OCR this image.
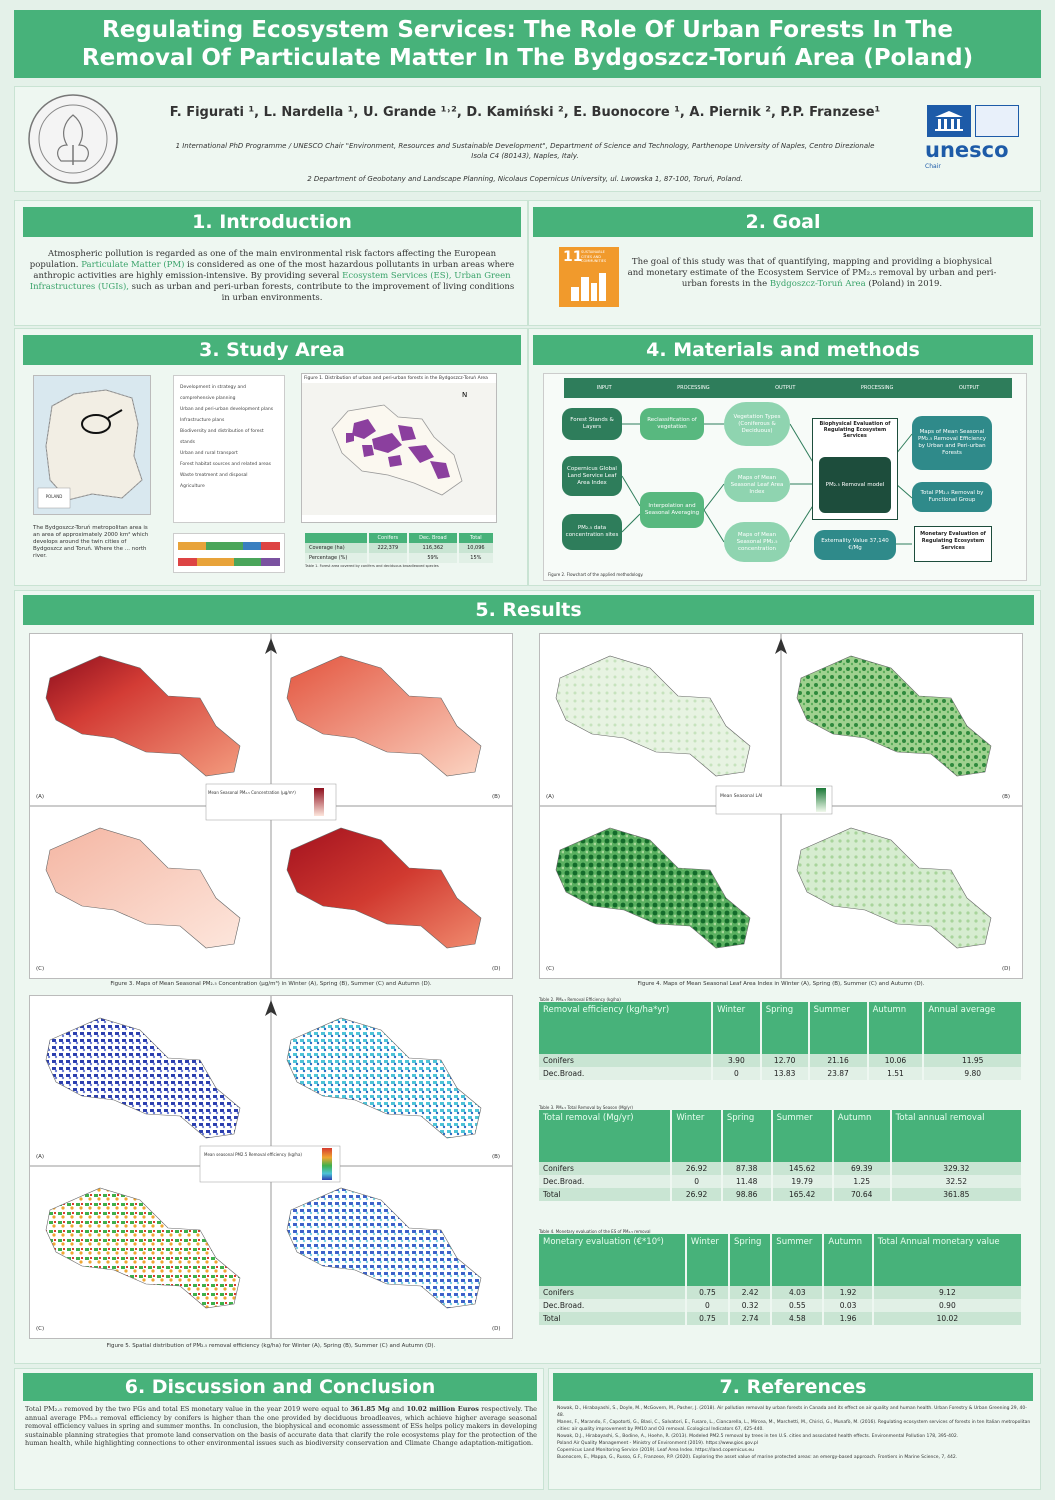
Regulating Ecosystem Services: The Role Of Urban Forests In The Removal Of Particulate Matter In The Bydgoszcz-Toruń Area (Poland)
F. Figurati ¹, L. Nardella ¹, U. Grande ¹˒², D. Kamiński ², E. Buonocore ¹, A. Piernik ², P.P. Franzese¹
1 International PhD Programme / UNESCO Chair "Environment, Resources and Sustainable Development", Department of Science and Technology, Parthenope University of Naples, Centro Direzionale Isola C4 (80143), Naples, Italy.
2 Department of Geobotany and Landscape Planning, Nicolaus Copernicus University, ul. Lwowska 1, 87-100, Toruń, Poland.
unesco
Chair
1. Introduction
Atmospheric pollution is regarded as one of the main environmental risk factors affecting the European population. Particulate Matter (PM) is considered as one of the most hazardous pollutants in urban areas where anthropic activities are highly emission-intensive. By providing several Ecosystem Services (ES), Urban Green Infrastructures (UGIs), such as urban and peri-urban forests, contribute to the improvement of living conditions in urban environments.
2. Goal
11
SUSTAINABLE CITIES AND COMMUNITIES	The goal of this study was that of quantifying, mapping and providing a biophysical and monetary estimate of the Ecosystem Service of PM₂.₅ removal by urban and peri-urban forests in the Bydgoszcz-Toruń Area (Poland) in 2019.
3. Study Area
POLAND
The Bydgoszcz-Toruń metropolitan area is an area of approximately 2000 km² which develops around the twin cities of Bydgoszcz and Toruń. Where the ... north river.
Development in strategy and comprehensive planning
Urban and peri-urban development plans
Infrastructure plans
Biodiversity and distribution of forest stands
Urban and rural transport
Forest habitat sources and related areas
Waste treatment and disposal
Agriculture
Figure 1. Distribution of urban and peri-urban forests in the Bydgoszcz-Toruń Area
N
	Conifers	Dec. Broad	Total
Coverage (ha)	222,379	116,362	10,096
Percentage (%)		59%	15%
Table 1. Forest area covered by conifers and deciduous broadleaved species
4. Materials and methods
INPUT	PROCESSING	OUTPUT	PROCESSING	OUTPUT
Forest Stands & Layers
Copernicus Global Land Service Leaf Area Index
PM₂.₅ data concentration sites
Reclassification of vegetation
Interpolation and Seasonal Averaging
Vegetation Types (Coniferous & Deciduous)
Maps of Mean Seasonal Leaf Area Index
Maps of Mean Seasonal PM₂.₅ concentration
Biophysical Evaluation of Regulating Ecosystem Services
PM₂.₅ Removal model
Maps of Mean Seasonal PM₂.₅ Removal Efficiency by Urban and Peri-urban Forests
Total PM₂.₅ Removal by Functional Group
Externality Value 37,140 €/Mg
Monetary Evaluation of Regulating Ecosystem Services
Figure 2. Flowchart of the applied methodology.
5. Results
Mean Seasonal PM₂.₅ Concentration (µg/m³)
(A)	(B)
(C)	(D)
Figure 3. Maps of Mean Seasonal PM₂.₅ Concentration (µg/m³) in Winter (A), Spring (B), Summer (C) and Autumn (D).
Mean Seasonal LAI
(A)	(B)
(C)	(D)
Figure 4. Maps of Mean Seasonal Leaf Area Index in Winter (A), Spring (B), Summer (C) and Autumn (D).
Mean seasonal PM2.5 Removal efficiency (kg/ha)
(A)	(B)
(C)	(D)
Figure 5. Spatial distribution of PM₂.₅ removal efficiency (kg/ha) for Winter (A), Spring (B), Summer (C) and Autumn (D).
Table 2. PM₂.₅ Removal Efficiency (kg/ha)
Removal efficiency (kg/ha*yr)	Winter	Spring	Summer	Autumn	Annual average
Conifers	3.90	12.70	21.16	10.06	11.95
Dec.Broad.	0	13.83	23.87	1.51	9.80
Table 3. PM₂.₅ Total Removal by Season (Mg/yr)
Total removal (Mg/yr)	Winter	Spring	Summer	Autumn	Total annual removal
Conifers	26.92	87.38	145.62	69.39	329.32
Dec.Broad.	0	11.48	19.79	1.25	32.52
Total	26.92	98.86	165.42	70.64	361.85
Table 4. Monetary evaluation of the ES of PM₂.₅ removal
Monetary evaluation (€*10⁶)	Winter	Spring	Summer	Autumn	Total Annual monetary value
Conifers	0.75	2.42	4.03	1.92	9.12
Dec.Broad.	0	0.32	0.55	0.03	0.90
Total	0.75	2.74	4.58	1.96	10.02
6. Discussion and Conclusion
Total PM₂.₅ removed by the two FGs and total ES monetary value in the year 2019 were equal to 361.85 Mg and 10.02 million Euros respectively. The annual average PM₂.₅ removal efficiency by conifers is higher than the one provided by deciduous broadleaves, which achieve higher average seasonal removal efficiency values in spring and summer months. In conclusion, the biophysical and economic assessment of ESs helps policy makers in developing sustainable planning strategies that promote land conservation on the basis of accurate data that clarify the role ecosystems play for the protection of the human health, while highlighting connections to other environmental issues such as biodiversity conservation and Climate Change adaptation-mitigation.
7. References
Nowak, D., Hirabayashi, S., Doyle, M., McGovern, M., Pasher, J. (2018). Air pollution removal by urban forests in Canada and its effect on air quality and human health. Urban Forestry & Urban Greening 29, 40-48.
Manes, F., Marando, F., Capotorti, G., Blasi, C., Salvatori, E., Fusaro, L., Ciancarella, L., Mircea, M., Marchetti, M., Chirici, G., Munafò, M. (2016). Regulating ecosystem services of forests in ten Italian metropolitan cities: air quality improvement by PM10 and O3 removal. Ecological Indicators 67, 425-440.
Nowak, D.J., Hirabayashi, S., Bodine, A., Hoehn, R. (2013). Modeled PM2.5 removal by trees in ten U.S. cities and associated health effects. Environmental Pollution 178, 395-402.
Poland Air Quality Management - Ministry of Environment (2019). https://www.gios.gov.pl
Copernicus Land Monitoring Service (2019). Leaf Area Index. https://land.copernicus.eu
Buonocore, E., Mappa, G., Russo, G.F., Franzese, P.P. (2020). Exploring the asset value of marine protected areas: an emergy-based approach. Frontiers in Marine Science, 7, 442.
